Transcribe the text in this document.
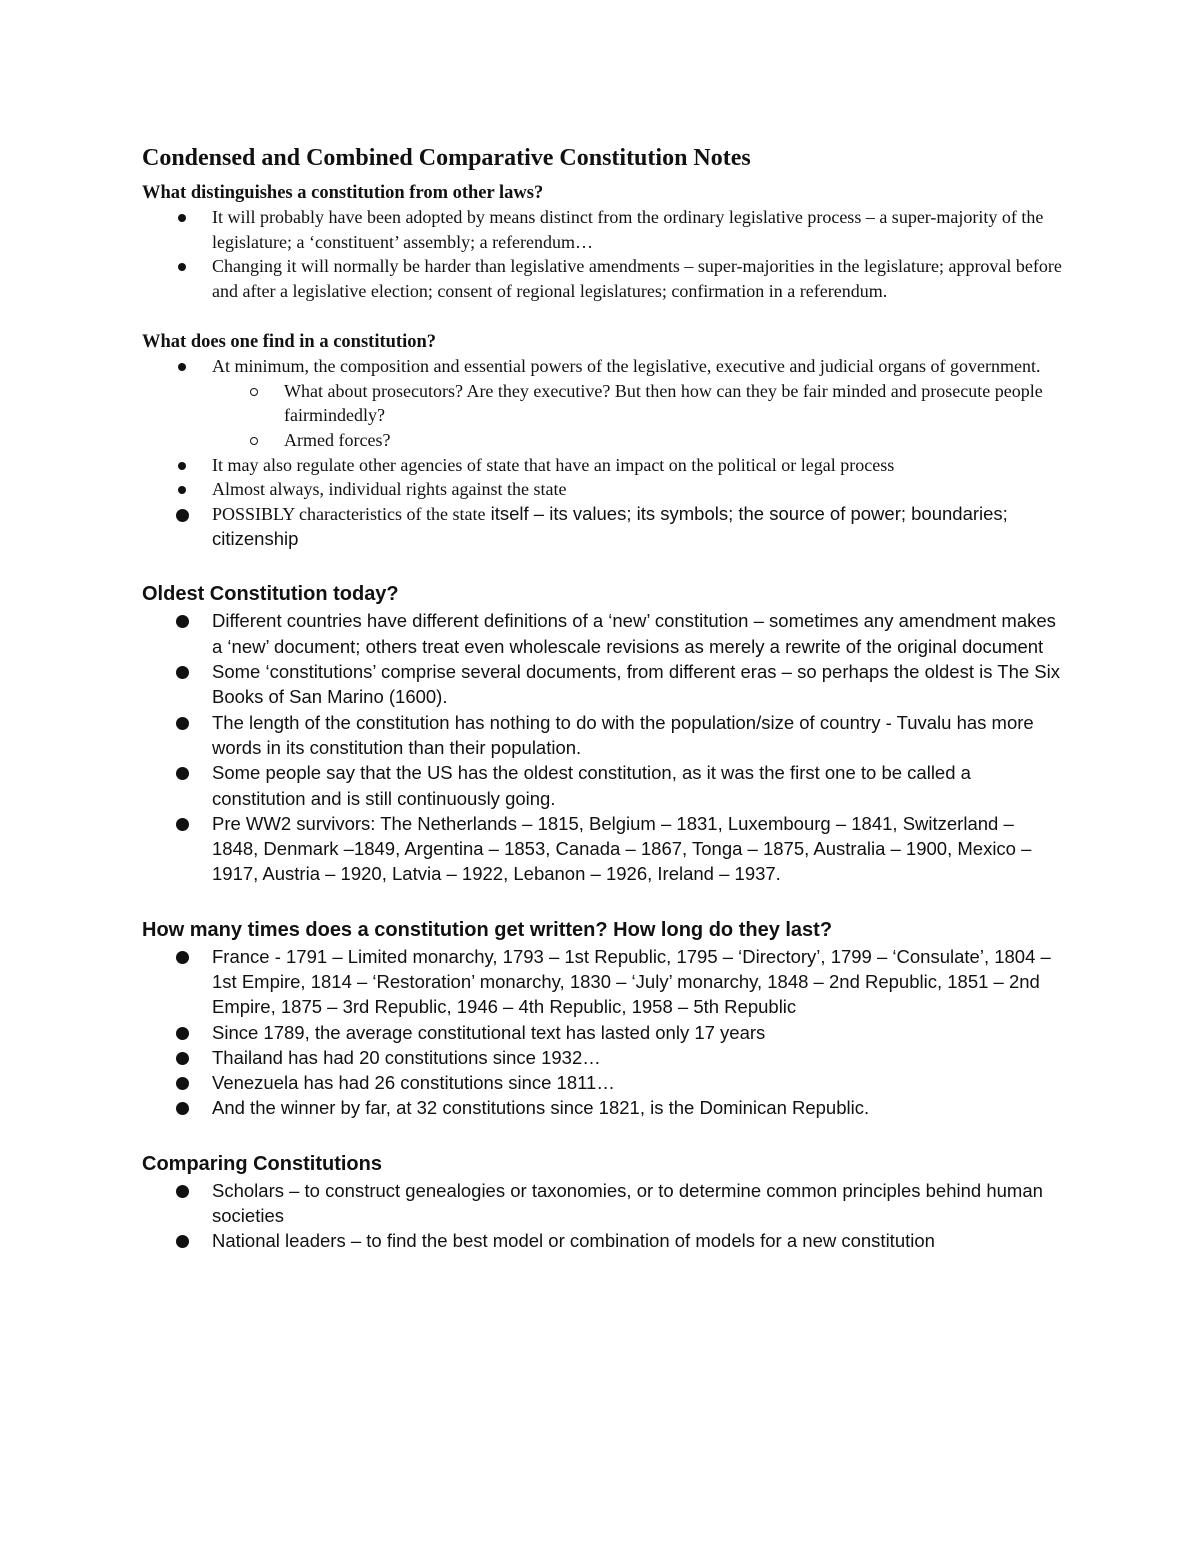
Condensed and Combined Comparative Constitution Notes
What distinguishes a constitution from other laws?
It will probably have been adopted by means distinct from the ordinary legislative process – a super-majority of the legislature; a ‘constituent’ assembly; a referendum…
Changing it will normally be harder than legislative amendments – super-majorities in the legislature; approval before and after a legislative election; consent of regional legislatures; confirmation in a referendum.
What does one find in a constitution?
At minimum, the composition and essential powers of the legislative, executive and judicial organs of government.
What about prosecutors? Are they executive? But then how can they be fair minded and prosecute people fairmindedly?
Armed forces?
It may also regulate other agencies of state that have an impact on the political or legal process
Almost always, individual rights against the state
POSSIBLY characteristics of the state itself – its values; its symbols; the source of power; boundaries; citizenship
Oldest Constitution today?
Different countries have different definitions of a ‘new’ constitution – sometimes any amendment makes a ‘new’ document; others treat even wholescale revisions as merely a rewrite of the original document
Some ‘constitutions’ comprise several documents, from different eras – so perhaps the oldest is The Six Books of San Marino (1600).
The length of the constitution has nothing to do with the population/size of country - Tuvalu has more words in its constitution than their population.
Some people say that the US has the oldest constitution, as it was the first one to be called a constitution and is still continuously going.
Pre WW2 survivors: The Netherlands – 1815, Belgium – 1831, Luxembourg – 1841, Switzerland – 1848, Denmark –1849, Argentina – 1853, Canada – 1867, Tonga – 1875, Australia – 1900, Mexico – 1917, Austria – 1920, Latvia – 1922, Lebanon – 1926, Ireland – 1937.
How many times does a constitution get written? How long do they last?
France - 1791 – Limited monarchy, 1793 – 1st Republic, 1795 – ‘Directory’, 1799 – ‘Consulate’, 1804 – 1st Empire, 1814 – ‘Restoration’ monarchy, 1830 – ‘July’ monarchy, 1848 – 2nd Republic, 1851 – 2nd Empire, 1875 – 3rd Republic, 1946 – 4th Republic, 1958 – 5th Republic
Since 1789, the average constitutional text has lasted only 17 years
Thailand has had 20 constitutions since 1932…
Venezuela has had 26 constitutions since 1811…
And the winner by far, at 32 constitutions since 1821, is the Dominican Republic.
Comparing Constitutions
Scholars – to construct genealogies or taxonomies, or to determine common principles behind human societies
National leaders – to find the best model or combination of models for a new constitution
